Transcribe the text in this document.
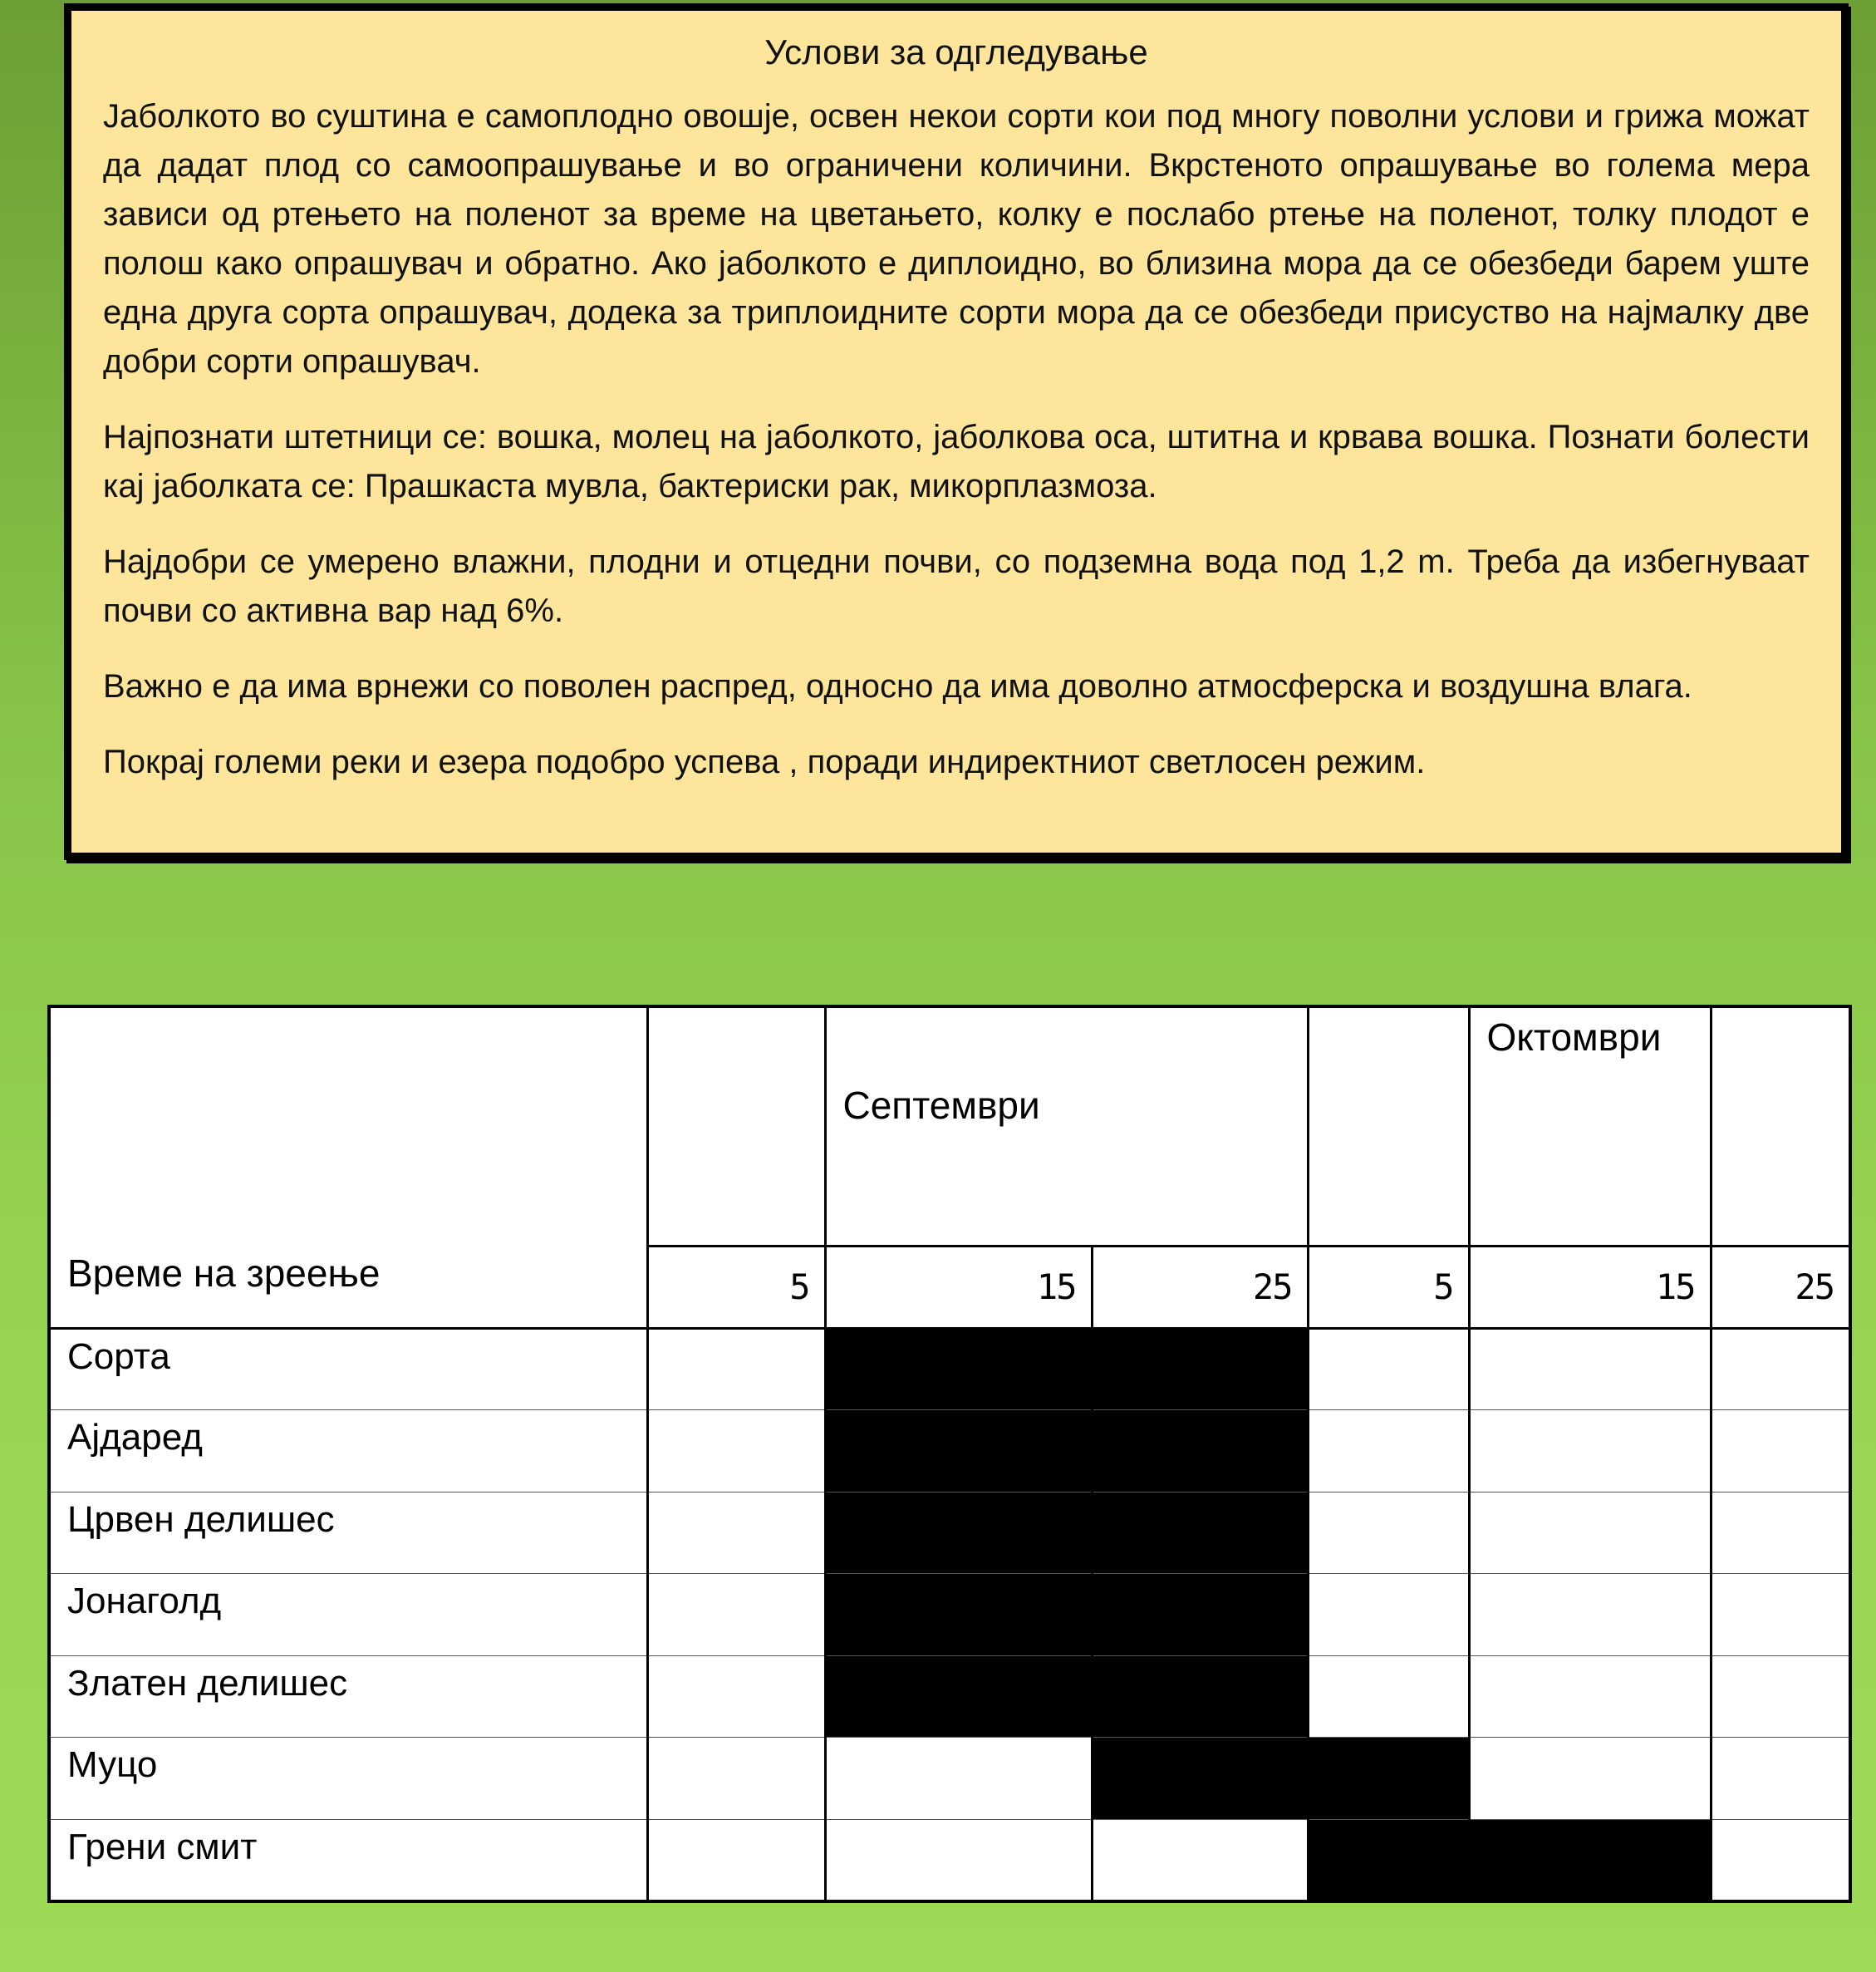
Услови за одгледување

Јаболкото во суштина е самоплодно овошје, освен некои сорти кои под многу поволни услови и грижа можат да дадат плод со самоопрашување и во ограничени количини. Вкрстеното опрашување во голема мера зависи од ртењето на поленот за време на цветањето, колку е послабо ртење на поленот, толку плодот е полош како опрашувач и обратно. Ако јаболкото е диплоидно, во близина мора да се обезбеди барем уште една друга сорта опрашувач, додека за триплоидните сорти мора да се обезбеди присуство на најмалку две добри сорти опрашувач.

Најпознати штетници се: вошка, молец на јаболкото, јаболкова оса, штитна и крвава вошка. Познати болести кај јаболката се: Прашкаста мувла, бактериски рак, микорплазмоза.

Најдобри се умерено влажни, плодни и отцедни почви, со подземна вода под 1,2 m. Треба да избегнуваат почви со активна вар над 6%.

Важно е да има врнежи со поволен распред, односно да има доволно атмосферска и воздушна влага.

Покрај големи реки и езера подобро успева , поради индиректниот светлосен режим.

Време на зреење		Септември			Октомври	
	5	15	25	5	15	25
Сорта						
Ајдаред						
Црвен делишес						
Јонаголд						
Златен делишес						
Муцо						
Грени смит						
